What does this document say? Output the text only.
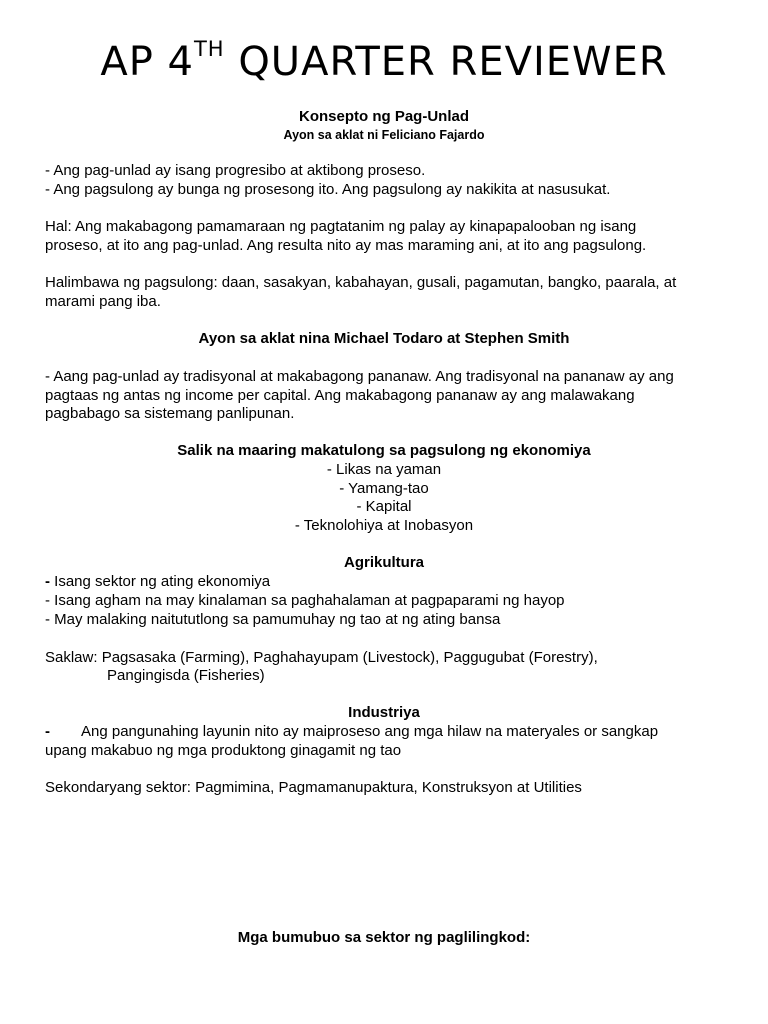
AP 4TH QUARTER REVIEWER
Konsepto ng Pag-Unlad
Ayon sa aklat ni Feliciano Fajardo
- Ang pag-unlad ay isang progresibo at aktibong proseso.
- Ang pagsulong ay bunga ng prosesong ito. Ang pagsulong ay nakikita at nasusukat.
Hal: Ang makabagong pamamaraan ng pagtatanim ng palay ay kinapapalooban ng isang
proseso, at ito ang pag-unlad. Ang resulta nito ay mas maraming ani, at ito ang pagsulong.
Halimbawa ng pagsulong: daan, sasakyan, kabahayan, gusali, pagamutan, bangko, paarala, at
marami pang iba.
Ayon sa aklat nina Michael Todaro at Stephen Smith
- Aang pag-unlad ay tradisyonal at makabagong pananaw. Ang tradisyonal na pananaw ay ang
pagtaas ng antas ng income per capital. Ang makabagong pananaw ay ang malawakang
pagbabago sa sistemang panlipunan.
Salik na maaring makatulong sa pagsulong ng ekonomiya
- Likas na yaman
- Yamang-tao
- Kapital
- Teknolohiya at Inobasyon
Agrikultura
- Isang sektor ng ating ekonomiya
- Isang agham na may kinalaman sa paghahalaman at pagpaparami ng hayop
- May malaking naitututlong sa pamumuhay ng tao at ng ating bansa
Saklaw: Pagsasaka (Farming), Paghahayupam (Livestock), Paggugubat (Forestry),
Pangingisda (Fisheries)
Industriya
- Ang pangunahing layunin nito ay maiproseso ang mga hilaw na materyales or sangkap
upang makabuo ng mga produktong ginagamit ng tao
Sekondaryang sektor: Pagmimina, Pagmamanupaktura, Konstruksyon at Utilities
Mga bumubuo sa sektor ng paglilingkod:
